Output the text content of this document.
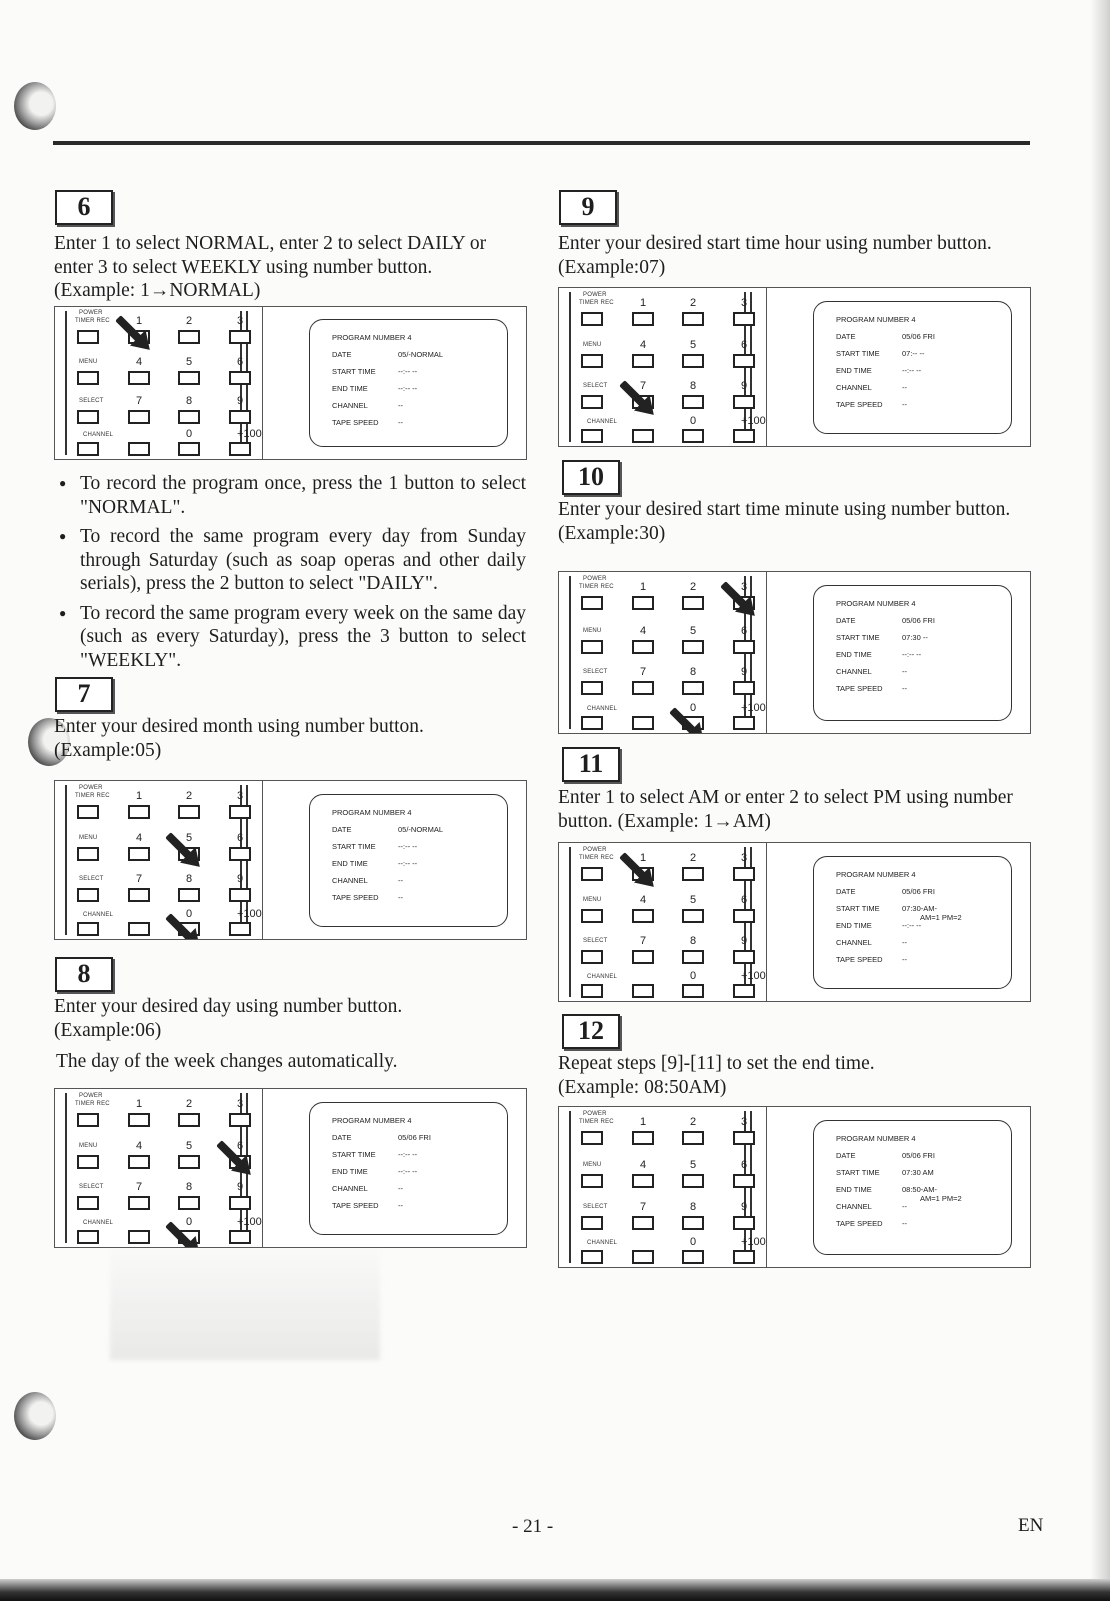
6

Enter 1 to select NORMAL, enter 2 to select DAILY or enter 3 to select WEEKLY using number button.
(Example: 1→NORMAL)

POWER
TIMER REC 1	2	3
MENU	4	5	6
SELECT	7	8	9
CHANNEL	0	+100
PROGRAM NUMBER 4
DATE	05/-NORMAL
START TIME	--:-- --
END TIME	--:-- --
CHANNEL	--
TAPE SPEED	--
● To record the program once, press the 1 button to select "NORMAL".
● To record the same program every day from Sunday through Saturday (such as soap operas and other daily serials), press the 2 button to select "DAILY".
● To record the same program every week on the same day (such as every Saturday), press the 3 button to select "WEEKLY".
7

Enter your desired month using number button.
(Example:05)

POWER
TIMER REC 1	2	3
MENU	4	5	6
SELECT	7	8	9
CHANNEL	0	+100
PROGRAM NUMBER 4
DATE	05/-NORMAL
START TIME	--:-- --
END TIME	--:-- --
CHANNEL	--
TAPE SPEED	--
8

Enter your desired day using number button.
(Example:06)

The day of the week changes automatically.

POWER
TIMER REC 1	2	3
MENU	4	5	6
SELECT	7	8	9
CHANNEL	0	+100
PROGRAM NUMBER 4
DATE	05/06 FRI
START TIME	--:-- --
END TIME	--:-- --
CHANNEL	--
TAPE SPEED	--
9

Enter your desired start time hour using number button.
(Example:07)

POWER
TIMER REC 1	2	3
MENU	4	5	6
SELECT	7	8	9
CHANNEL	0	+100
PROGRAM NUMBER 4
DATE	05/06 FRI
START TIME	07:-- --
END TIME	--:-- --
CHANNEL	--
TAPE SPEED	--
10

Enter your desired start time minute using number button. (Example:30)

POWER
TIMER REC 1	2	3
MENU	4	5	6
SELECT	7	8	9
CHANNEL	0	+100
PROGRAM NUMBER 4
DATE	05/06 FRI
START TIME	07:30 --
END TIME	--:-- --
CHANNEL	--
TAPE SPEED	--
11

Enter 1 to select AM or enter 2 to select PM using number button. (Example: 1→AM)

POWER
TIMER REC 1	2	3
MENU	4	5	6
SELECT	7	8	9
CHANNEL	0	+100
PROGRAM NUMBER 4
DATE	05/06 FRI
START TIME	07:30-AM-
END TIME	--:-- --
CHANNEL	--
TAPE SPEED	--
AM=1 PM=2
12

Repeat steps [9]-[11] to set the end time.
(Example: 08:50AM)

POWER
TIMER REC 1	2	3
MENU	4	5	6
SELECT	7	8	9
CHANNEL	0	+100
PROGRAM NUMBER 4
DATE	05/06 FRI
START TIME	07:30 AM
END TIME	08:50-AM-
CHANNEL	--
TAPE SPEED	--
AM=1 PM=2
- 21 -	EN
